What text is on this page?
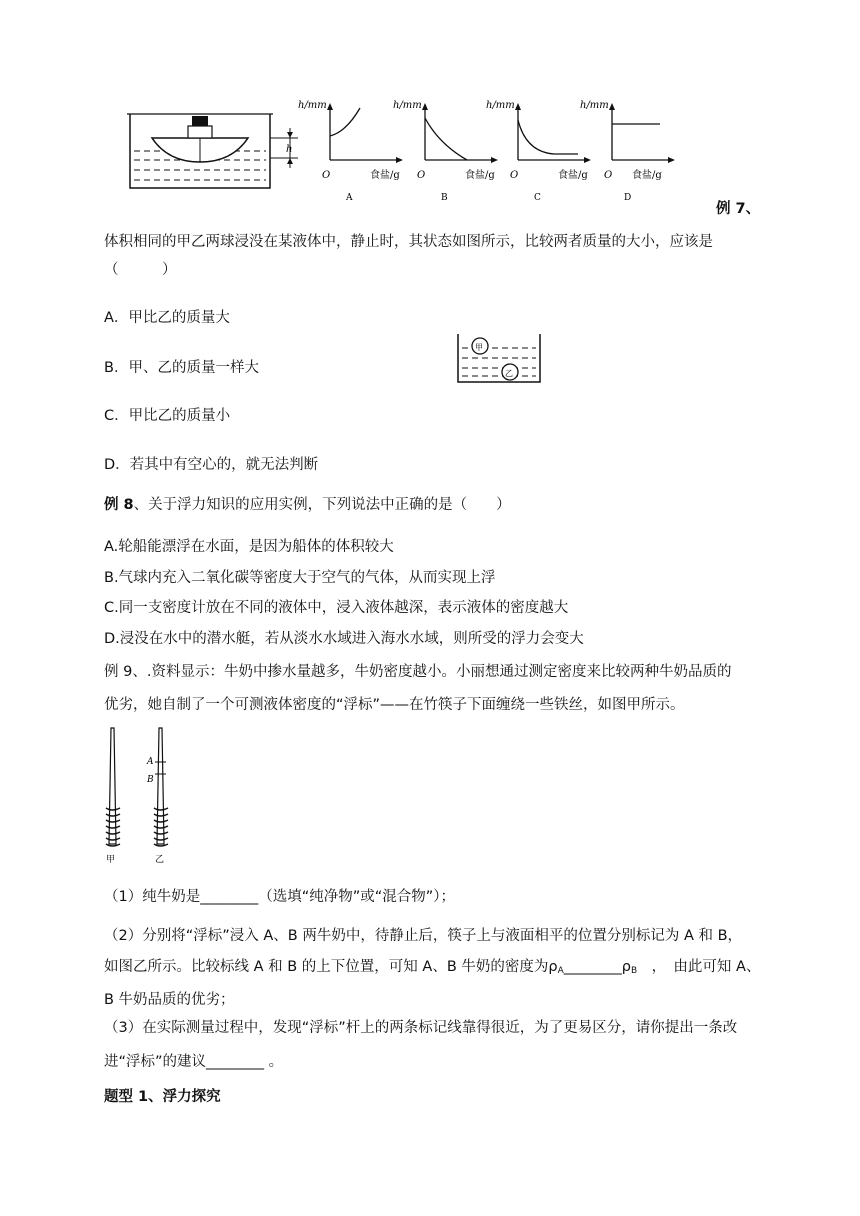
h
h/mm
O	食盐/g
A
h/mm
O	食盐/g
B
h/mm
O	食盐/g
C
h/mm
O 食盐/g
D
例 7、
体积相同的甲乙两球浸没在某液体中，静止时，其状态如图所示，比较两者质量的大小，应该是
（　　　）
A．甲比乙的质量大
B．甲、乙的质量一样大
C．甲比乙的质量小
D．若其中有空心的，就无法判断
甲
乙
例 8、关于浮力知识的应用实例，下列说法中正确的是（　　）
A.轮船能漂浮在水面，是因为船体的体积较大
B.气球内充入二氧化碳等密度大于空气的气体，从而实现上浮
C.同一支密度计放在不同的液体中，浸入液体越深，表示液体的密度越大
D.浸没在水中的潜水艇，若从淡水水域进入海水水域，则所受的浮力会变大
例 9、.资料显示：牛奶中掺水量越多，牛奶密度越小。小丽想通过测定密度来比较两种牛奶品质的
优劣，她自制了一个可测液体密度的“浮标”——在竹筷子下面缠绕一些铁丝，如图甲所示。
甲
A
B
乙
（1）纯牛奶是________（选填“纯净物”或“混合物”）；
（2）分别将“浮标”浸入 A、B 两牛奶中，待静止后，筷子上与液面相平的位置分别标记为 A 和 B，
如图乙所示。比较标线 A 和 B 的上下位置，可知 A、B 牛奶的密度为$\rho_A\_\_\_\_\_\_\_\_\rho_B$　，　由此可知 A、
B 牛奶品质的优劣；
（3）在实际测量过程中，发现“浮标”杆上的两条标记线靠得很近，为了更易区分，请你提出一条改
进“浮标”的建议________ 。
题型 1、浮力探究
